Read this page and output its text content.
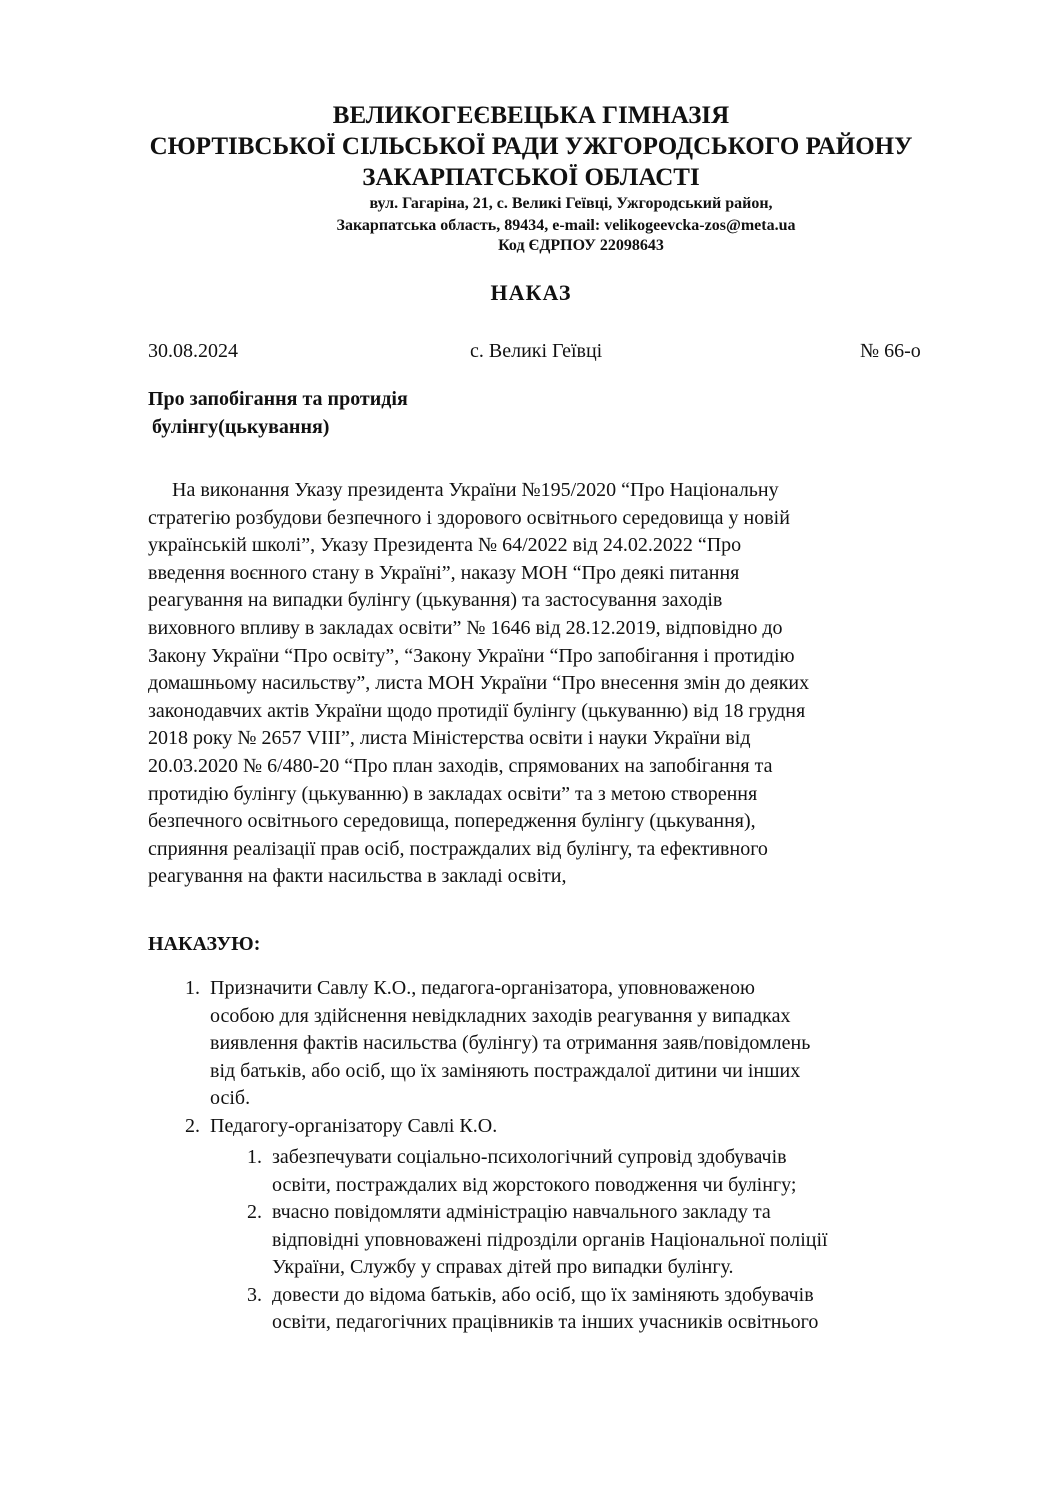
ВЕЛИКОГЕЄВЕЦЬКА ГІМНАЗІЯ

СЮРТІВСЬКОЇ СІЛЬСЬКОЇ РАДИ УЖГОРОДСЬКОГО РАЙОНУ

ЗАКАРПАТСЬКОЇ ОБЛАСТІ

вул. Гагаріна, 21, с. Великі Геївці, Ужгородський район,
Закарпатська область, 89434, e-mail: velikogeevcka-zos@meta.ua
Код ЄДРПОУ 22098643
НАКАЗ
30.08.2024	с. Великі Геївці	№ 66-о
Про запобігання та протидія
булінгу(цькування)
На виконання Указу президента України №195/2020 “Про Національну
стратегію розбудови безпечного і здорового освітнього середовища у новій
українській школі”, Указу Президента № 64/2022 від 24.02.2022 “Про
введення воєнного стану в Україні”, наказу МОН “Про деякі питання
реагування на випадки булінгу (цькування) та застосування заходів
виховного впливу в закладах освіти” № 1646 від 28.12.2019, відповідно до
Закону України “Про освіту”, “Закону України “Про запобігання і протидію
домашньому насильству”, листа МОН України “Про внесення змін до деяких
законодавчих актів України щодо протидії булінгу (цькуванню) від 18 грудня
2018 року № 2657 VIII”, листа Міністерства освіти і науки України від
20.03.2020 № 6/480-20 “Про план заходів, спрямованих на запобігання та
протидію булінгу (цькуванню) в закладах освіти” та з метою створення
безпечного освітнього середовища, попередження булінгу (цькування),
сприяння реалізації прав осіб, постраждалих від булінгу, та ефективного
реагування на факти насильства в закладі освіти,
НАКАЗУЮ:
1. Призначити Савлу К.О., педагога-організатора, уповноваженою
особою для здійснення невідкладних заходів реагування у випадках
виявлення фактів насильства (булінгу) та отримання заяв/повідомлень
від батьків, або осіб, що їх заміняють постраждалої дитини чи інших
осіб.
2. Педагогу-організатору Савлі К.О.
1. забезпечувати соціально-психологічний супровід здобувачів
освіти, постраждалих від жорстокого поводження чи булінгу;
2. вчасно повідомляти адміністрацію навчального закладу та
відповідні уповноважені підрозділи органів Національної поліції
України, Службу у справах дітей про випадки булінгу.
3. довести до відома батьків, або осіб, що їх заміняють здобувачів
освіти, педагогічних працівників та інших учасників освітнього
